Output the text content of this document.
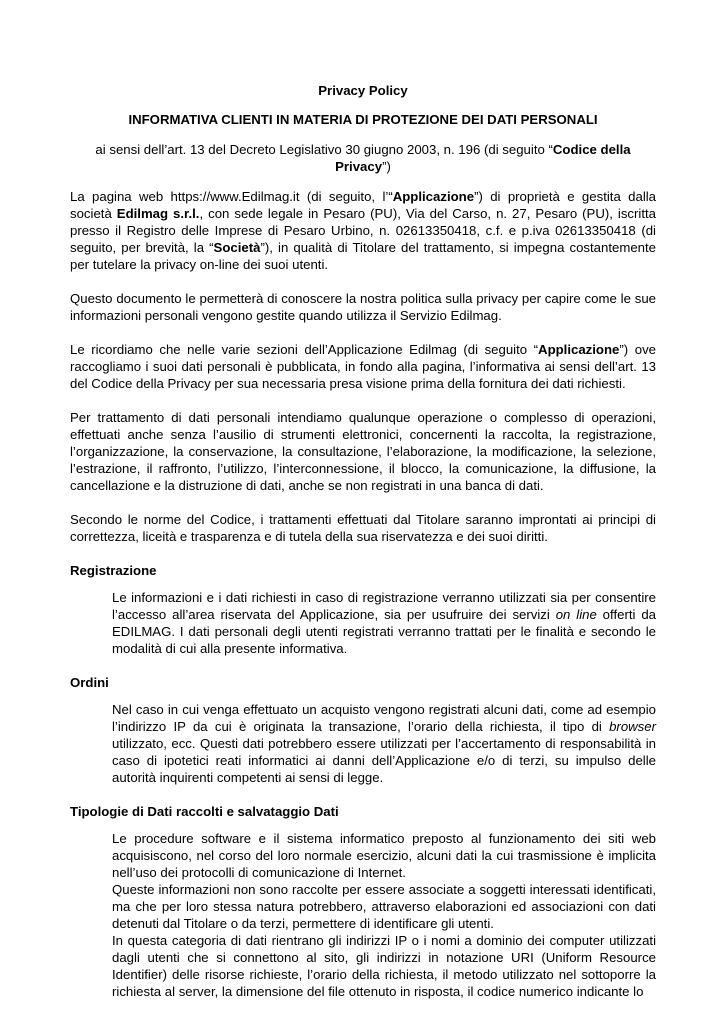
Privacy Policy
INFORMATIVA CLIENTI IN MATERIA DI PROTEZIONE DEI DATI PERSONALI
ai sensi dell’art. 13 del Decreto Legislativo 30 giugno 2003, n. 196 (di seguito “Codice della Privacy”)

La pagina web https://www.Edilmag.it (di seguito, l’“Applicazione”) di proprietà e gestita dalla società Edilmag s.r.l., con sede legale in Pesaro (PU), Via del Carso, n. 27, Pesaro (PU), iscritta presso il Registro delle Imprese di Pesaro Urbino, n. 02613350418, c.f. e p.iva 02613350418 (di seguito, per brevità, la “Società”), in qualità di Titolare del trattamento, si impegna costantemente per tutelare la privacy on-line dei suoi utenti.

Questo documento le permetterà di conoscere la nostra politica sulla privacy per capire come le sue informazioni personali vengono gestite quando utilizza il Servizio Edilmag.

Le ricordiamo che nelle varie sezioni dell’Applicazione Edilmag (di seguito “Applicazione”) ove raccogliamo i suoi dati personali è pubblicata, in fondo alla pagina, l’informativa ai sensi dell’art. 13 del Codice della Privacy per sua necessaria presa visione prima della fornitura dei dati richiesti.

Per trattamento di dati personali intendiamo qualunque operazione o complesso di operazioni, effettuati anche senza l’ausilio di strumenti elettronici, concernenti la raccolta, la registrazione, l’organizzazione, la conservazione, la consultazione, l’elaborazione, la modificazione, la selezione, l’estrazione, il raffronto, l’utilizzo, l’interconnessione, il blocco, la comunicazione, la diffusione, la cancellazione e la distruzione di dati, anche se non registrati in una banca di dati.

Secondo le norme del Codice, i trattamenti effettuati dal Titolare saranno improntati ai principi di correttezza, liceità e trasparenza e di tutela della sua riservatezza e dei suoi diritti.

Registrazione

Le informazioni e i dati richiesti in caso di registrazione verranno utilizzati sia per consentire l’accesso all’area riservata del Applicazione, sia per usufruire dei servizi on line offerti da EDILMAG. I dati personali degli utenti registrati verranno trattati per le finalità e secondo le modalità di cui alla presente informativa.

Ordini

Nel caso in cui venga effettuato un acquisto vengono registrati alcuni dati, come ad esempio l’indirizzo IP da cui è originata la transazione, l’orario della richiesta, il tipo di browser utilizzato, ecc. Questi dati potrebbero essere utilizzati per l’accertamento di responsabilità in caso di ipotetici reati informatici ai danni dell’Applicazione e/o di terzi, su impulso delle autorità inquirenti competenti ai sensi di legge.

Tipologie di Dati raccolti e salvataggio Dati

Le procedure software e il sistema informatico preposto al funzionamento dei siti web acquisiscono, nel corso del loro normale esercizio, alcuni dati la cui trasmissione è implicita nell’uso dei protocolli di comunicazione di Internet.

Queste informazioni non sono raccolte per essere associate a soggetti interessati identificati, ma che per loro stessa natura potrebbero, attraverso elaborazioni ed associazioni con dati detenuti dal Titolare o da terzi, permettere di identificare gli utenti.

In questa categoria di dati rientrano gli indirizzi IP o i nomi a dominio dei computer utilizzati dagli utenti che si connettono al sito, gli indirizzi in notazione URI (Uniform Resource Identifier) delle risorse richieste, l’orario della richiesta, il metodo utilizzato nel sottoporre la richiesta al server, la dimensione del file ottenuto in risposta, il codice numerico indicante lo
